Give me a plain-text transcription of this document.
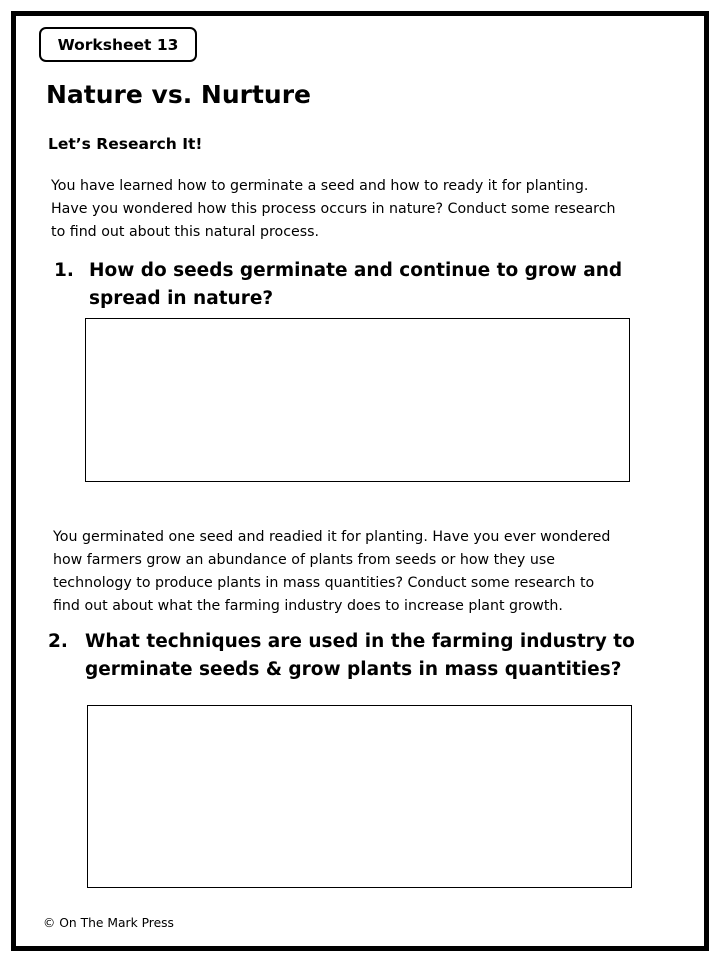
Worksheet 13
Nature vs. Nurture
Let’s Research It!

You have learned how to germinate a seed and how to ready it for planting.
Have you wondered how this process occurs in nature? Conduct some research
to find out about this natural process.

1. How do seeds germinate and continue to grow and
spread in nature?

You germinated one seed and readied it for planting. Have you ever wondered
how farmers grow an abundance of plants from seeds or how they use
technology to produce plants in mass quantities? Conduct some research to
find out about what the farming industry does to increase plant growth.

2. What techniques are used in the farming industry to
germinate seeds & grow plants in mass quantities?

© On The Mark Press
